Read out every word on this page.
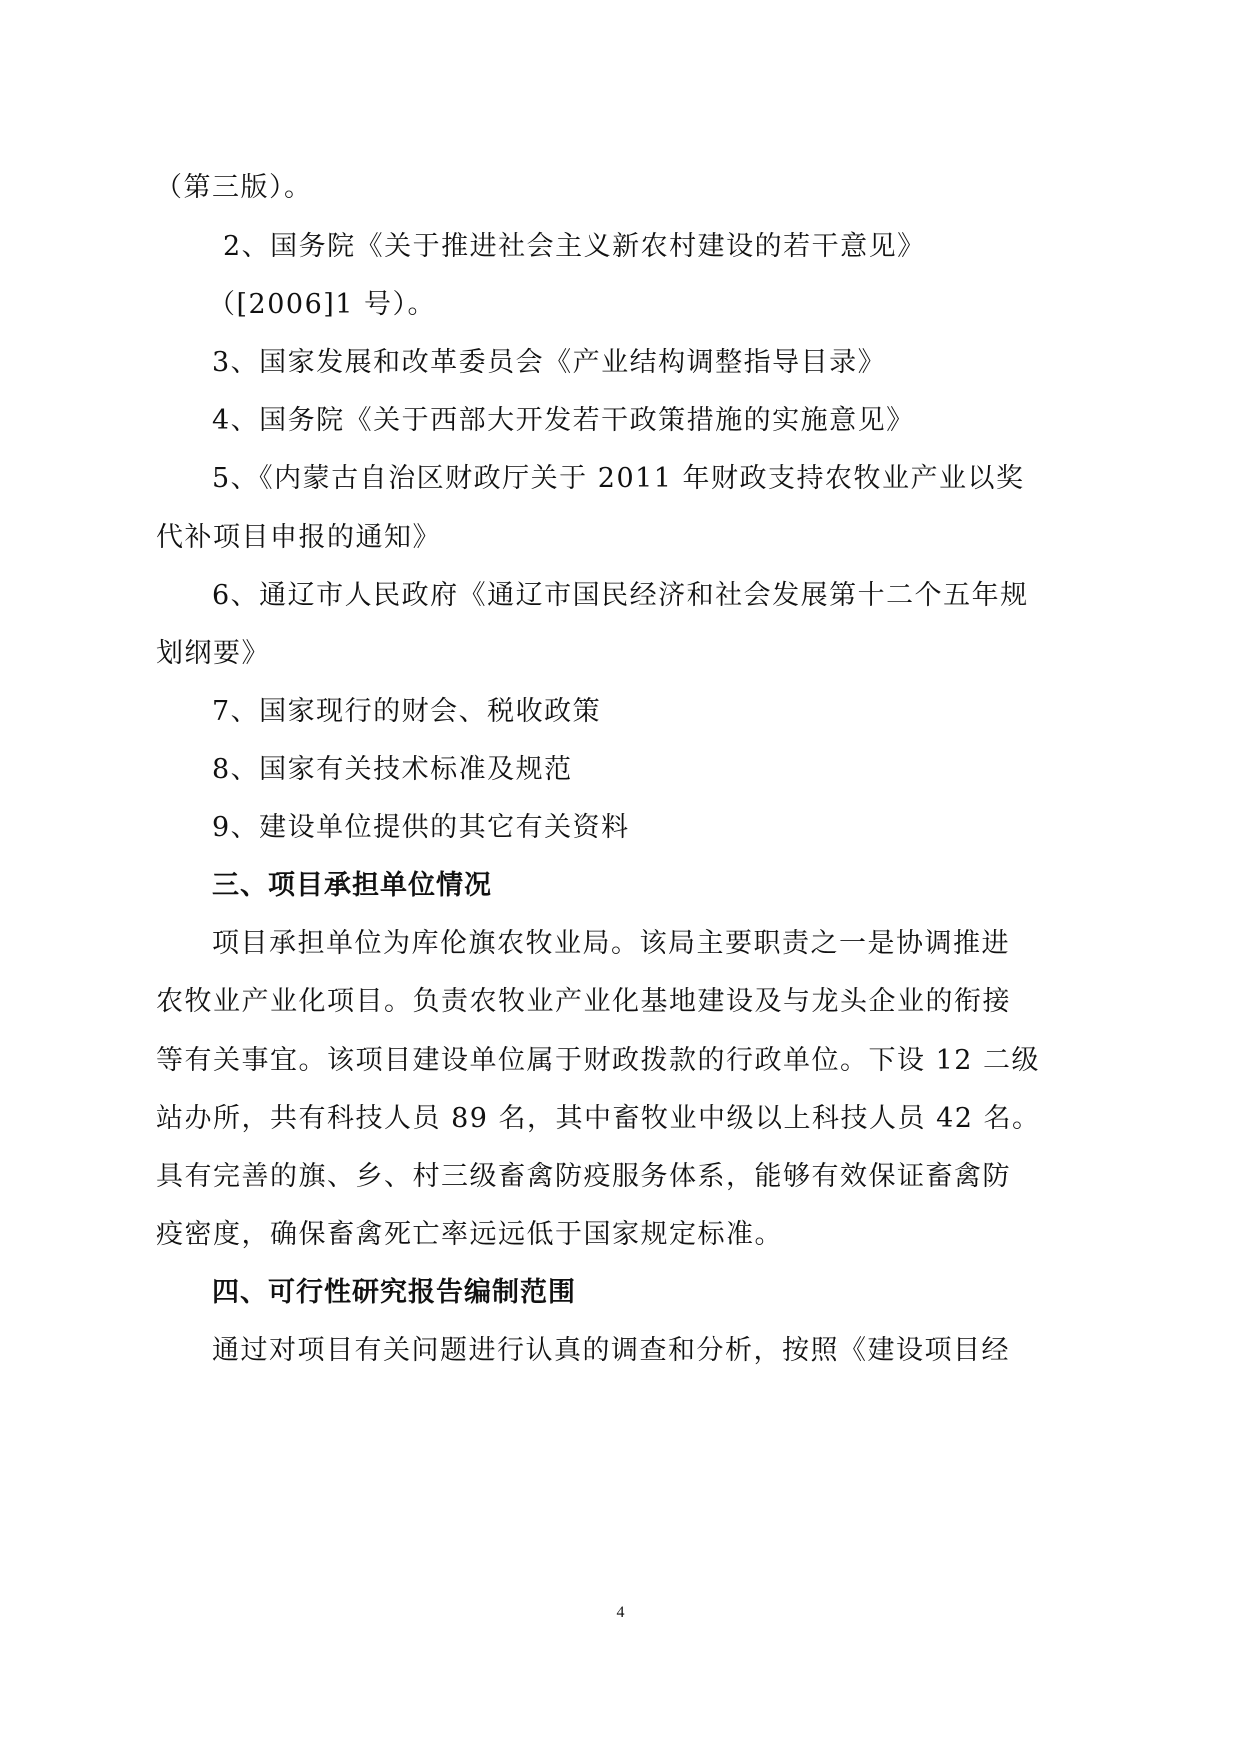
（第三版）。
2、国务院《关于推进社会主义新农村建设的若干意见》
（[2006]1 号）。
3、国家发展和改革委员会《产业结构调整指导目录》
4、国务院《关于西部大开发若干政策措施的实施意见》
5、《内蒙古自治区财政厅关于 2011 年财政支持农牧业产业以奖
代补项目申报的通知》
6、通辽市人民政府《通辽市国民经济和社会发展第十二个五年规
划纲要》
7、国家现行的财会、税收政策
8、国家有关技术标准及规范
9、建设单位提供的其它有关资料
三、项目承担单位情况
项目承担单位为库伦旗农牧业局。该局主要职责之一是协调推进
农牧业产业化项目。负责农牧业产业化基地建设及与龙头企业的衔接
等有关事宜。该项目建设单位属于财政拨款的行政单位。下设 12 二级
站办所，共有科技人员 89 名，其中畜牧业中级以上科技人员 42 名。
具有完善的旗、乡、村三级畜禽防疫服务体系，能够有效保证畜禽防
疫密度，确保畜禽死亡率远远低于国家规定标准。
四、可行性研究报告编制范围
通过对项目有关问题进行认真的调查和分析，按照《建设项目经
4
